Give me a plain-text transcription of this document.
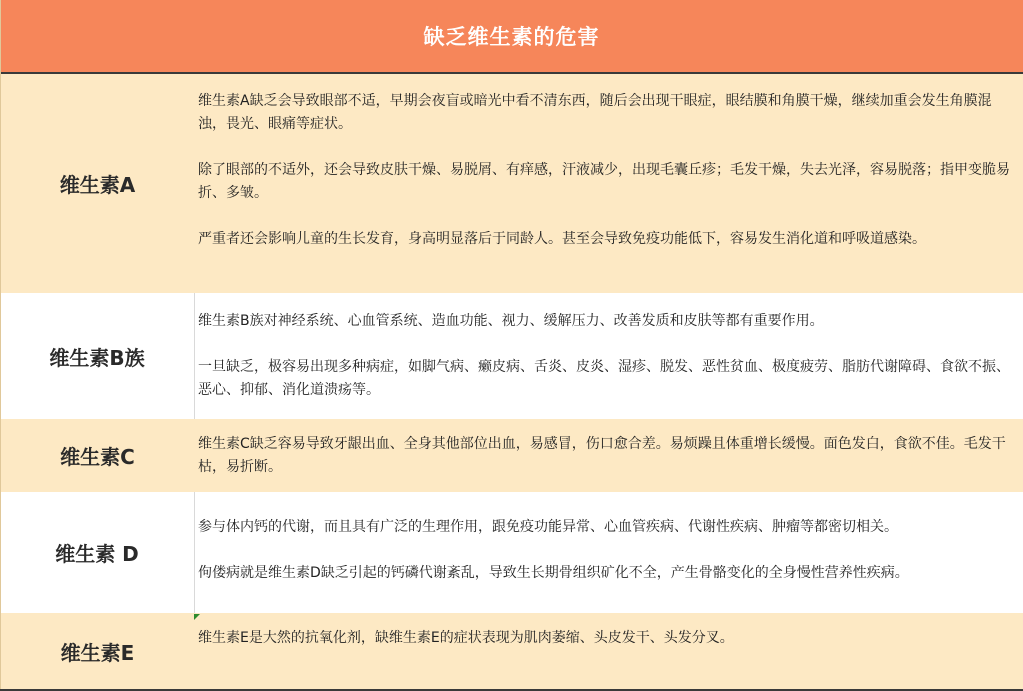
缺乏维生素的危害
维生素A

维生素A缺乏会导致眼部不适，早期会夜盲或暗光中看不清东西，随后会出现干眼症，眼结膜和角膜干燥，继续加重会发生角膜混浊，畏光、眼痛等症状。

除了眼部的不适外，还会导致皮肤干燥、易脱屑、有痒感，汗液减少，出现毛囊丘疹；毛发干燥，失去光泽，容易脱落；指甲变脆易折、多皱。

严重者还会影响儿童的生长发育，身高明显落后于同龄人。甚至会导致免疫功能低下，容易发生消化道和呼吸道感染。

维生素B族

维生素B族对神经系统、心血管系统、造血功能、视力、缓解压力、改善发质和皮肤等都有重要作用。

一旦缺乏，极容易出现多种病症，如脚气病、癞皮病、舌炎、皮炎、湿疹、脱发、恶性贫血、极度疲劳、脂肪代谢障碍、食欲不振、恶心、抑郁、消化道溃疡等。

维生素C

维生素C缺乏容易导致牙龈出血、全身其他部位出血，易感冒，伤口愈合差。易烦躁且体重增长缓慢。面色发白，食欲不佳。毛发干枯，易折断。

维生素 D

参与体内钙的代谢，而且具有广泛的生理作用，跟免疫功能异常、心血管疾病、代谢性疾病、肿瘤等都密切相关。

佝偻病就是维生素D缺乏引起的钙磷代谢紊乱，导致生长期骨组织矿化不全，产生骨骼变化的全身慢性营养性疾病。

维生素E

维生素E是大然的抗氧化剂，缺维生素E的症状表现为肌肉萎缩、头皮发干、头发分叉。
